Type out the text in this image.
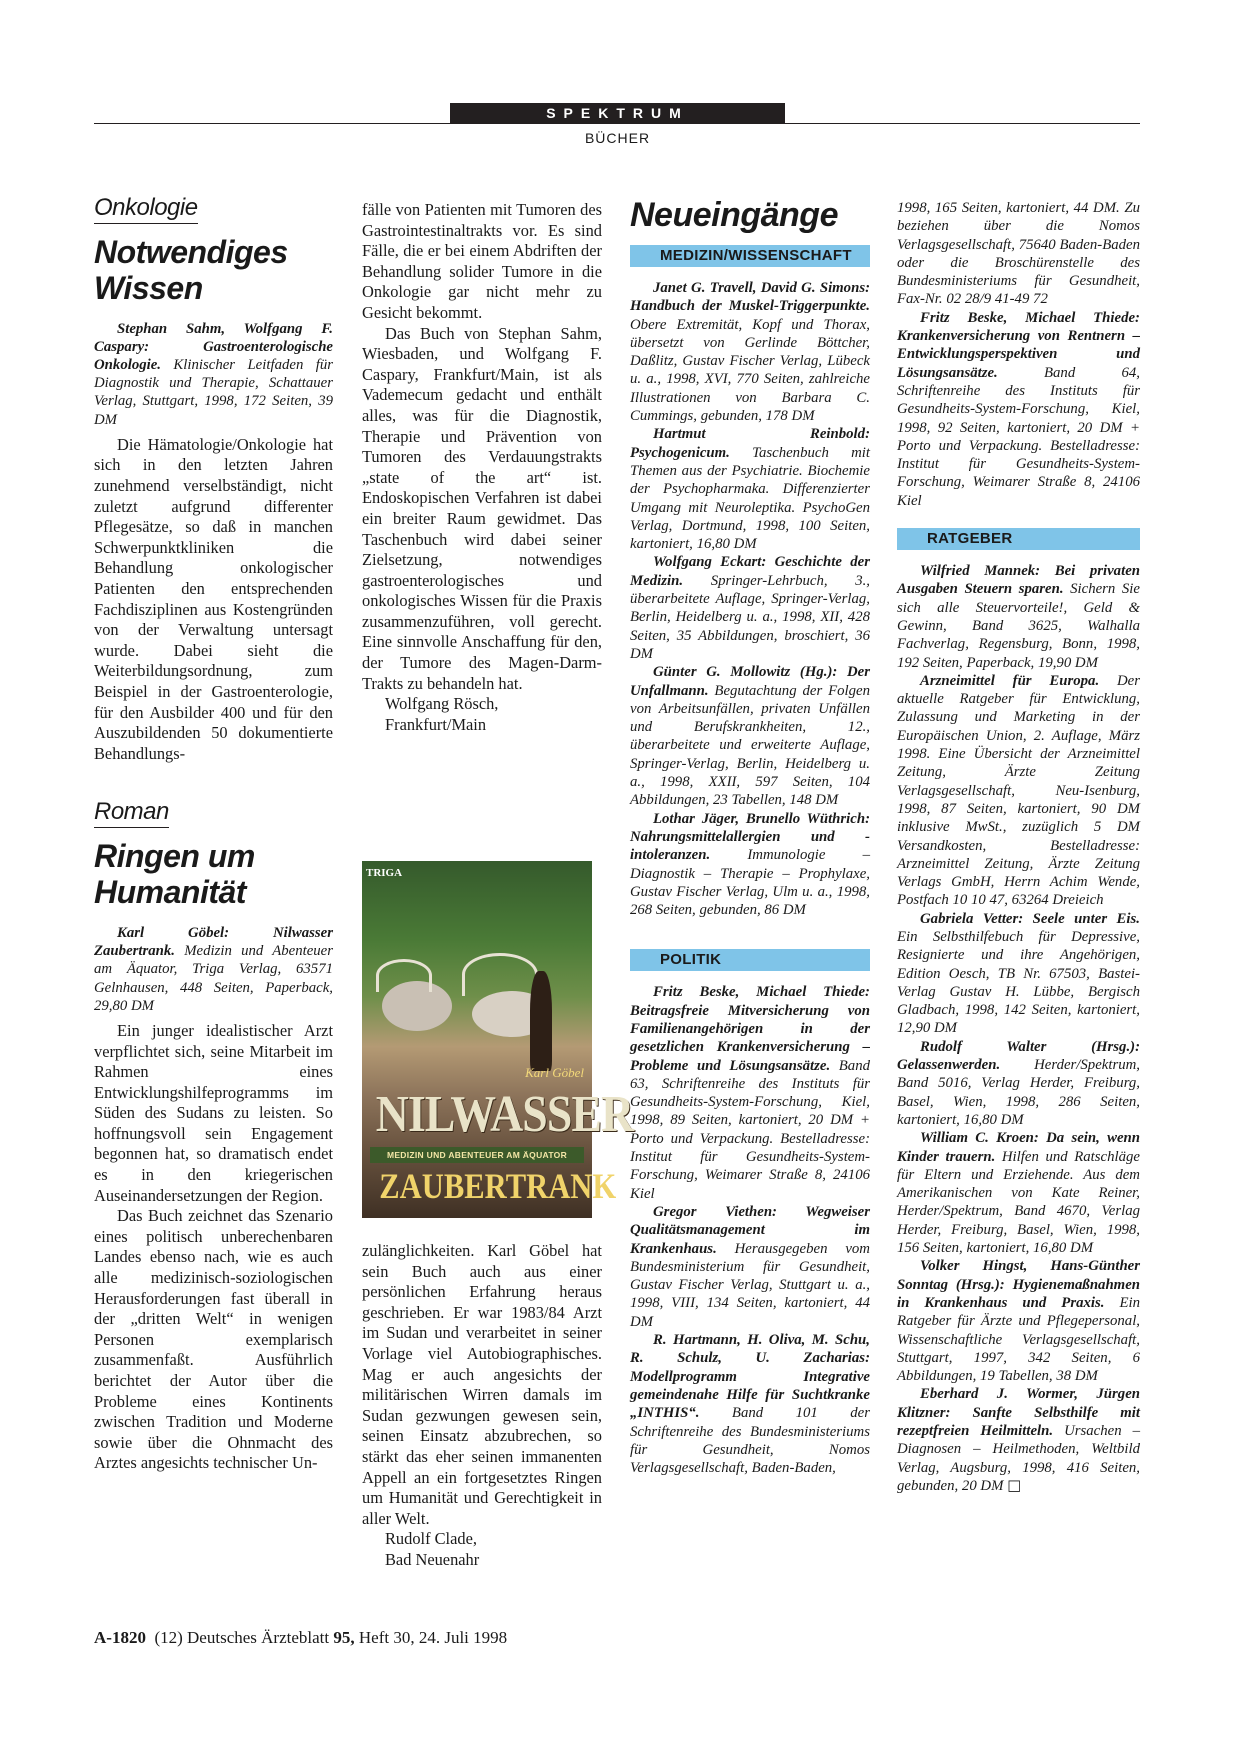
SPEKTRUM
BÜCHER
Onkologie
Notwendiges
Wissen
Stephan Sahm, Wolfgang F. Caspary: Gastroenterologische Onkologie. Klinischer Leitfaden für Diagnostik und Therapie, Schattauer Verlag, Stuttgart, 1998, 172 Seiten, 39 DM

Die Hämatologie/Onkologie hat sich in den letzten Jahren zunehmend verselbständigt, nicht zuletzt aufgrund differenter Pflegesätze, so daß in manchen Schwerpunktkliniken die Behandlung onkologischer Patienten den entsprechenden Fachdisziplinen aus Kostengründen von der Verwaltung untersagt wurde. Dabei sieht die Weiterbildungsordnung, zum Beispiel in der Gastroenterologie, für den Ausbilder 400 und für den Auszubildenden 50 dokumentierte Behandlungs-

Roman
Ringen um
Humanität
Karl Göbel: Nilwasser Zaubertrank. Medizin und Abenteuer am Äquator, Triga Verlag, 63571 Gelnhausen, 448 Seiten, Paperback, 29,80 DM

Ein junger idealistischer Arzt verpflichtet sich, seine Mitarbeit im Rahmen eines Entwicklungshilfeprogramms im Süden des Sudans zu leisten. So hoffnungsvoll sein Engagement begonnen hat, so dramatisch endet es in den kriegerischen Auseinandersetzungen der Region.

Das Buch zeichnet das Szenario eines politisch unberechenbaren Landes ebenso nach, wie es auch alle medizinisch-soziologischen Herausforderungen fast überall in der „dritten Welt“ in wenigen Personen exemplarisch zusammenfaßt. Ausführlich berichtet der Autor über die Probleme eines Kontinents zwischen Tradition und Moderne sowie über die Ohnmacht des Arztes angesichts technischer Un-

fälle von Patienten mit Tumoren des Gastrointestinaltrakts vor. Es sind Fälle, die er bei einem Abdriften der Behandlung solider Tumore in die Onkologie gar nicht mehr zu Gesicht bekommt.

Das Buch von Stephan Sahm, Wiesbaden, und Wolfgang F. Caspary, Frankfurt/Main, ist als Vademecum gedacht und enthält alles, was für die Diagnostik, Therapie und Prävention von Tumoren des Verdauungstrakts „state of the art“ ist. Endoskopischen Verfahren ist dabei ein breiter Raum gewidmet. Das Taschenbuch wird dabei seiner Zielsetzung, notwendiges gastroenterologisches und onkologisches Wissen für die Praxis zusammenzuführen, voll gerecht. Eine sinnvolle Anschaffung für den, der Tumore des Magen-Darm-Trakts zu behandeln hat.

Wolfgang Rösch,

Frankfurt/Main

TRIGA
Karl Göbel
NILWASSER
MEDIZIN UND ABENTEUER AM ÄQUATOR
ZAUBERTRANK

zulänglichkeiten. Karl Göbel hat sein Buch auch aus einer persönlichen Erfahrung heraus geschrieben. Er war 1983/84 Arzt im Sudan und verarbeitet in seiner Vorlage viel Autobiographisches. Mag er auch angesichts der militärischen Wirren damals im Sudan gezwungen gewesen sein, seinen Einsatz abzubrechen, so stärkt das eher seinen immanenten Appell an ein fortgesetztes Ringen um Humanität und Gerechtigkeit in aller Welt.

Rudolf Clade,

Bad Neuenahr

Neueingänge
MEDIZIN/WISSENSCHAFT

Janet G. Travell, David G. Simons: Handbuch der Muskel-Triggerpunkte. Obere Extremität, Kopf und Thorax, übersetzt von Gerlinde Böttcher, Daßlitz, Gustav Fischer Verlag, Lübeck u. a., 1998, XVI, 770 Seiten, zahlreiche Illustrationen von Barbara C. Cummings, gebunden, 178 DM

Hartmut Reinbold: Psychogenicum. Taschenbuch mit Themen aus der Psychiatrie. Biochemie der Psychopharmaka. Differenzierter Umgang mit Neuroleptika. PsychoGen Verlag, Dortmund, 1998, 100 Seiten, kartoniert, 16,80 DM

Wolfgang Eckart: Geschichte der Medizin. Springer-Lehrbuch, 3., überarbeitete Auflage, Springer-Verlag, Berlin, Heidelberg u. a., 1998, XII, 428 Seiten, 35 Abbildungen, broschiert, 36 DM

Günter G. Mollowitz (Hg.): Der Unfallmann. Begutachtung der Folgen von Arbeitsunfällen, privaten Unfällen und Berufskrankheiten, 12., überarbeitete und erweiterte Auflage, Springer-Verlag, Berlin, Heidelberg u. a., 1998, XXII, 597 Seiten, 104 Abbildungen, 23 Tabellen, 148 DM

Lothar Jäger, Brunello Wüthrich: Nahrungsmittelallergien und -intoleranzen. Immunologie – Diagnostik – Therapie – Prophylaxe, Gustav Fischer Verlag, Ulm u. a., 1998, 268 Seiten, gebunden, 86 DM

POLITIK

Fritz Beske, Michael Thiede: Beitragsfreie Mitversicherung von Familienangehörigen in der gesetzlichen Krankenversicherung – Probleme und Lösungsansätze. Band 63, Schriftenreihe des Instituts für Gesundheits-System-Forschung, Kiel, 1998, 89 Seiten, kartoniert, 20 DM + Porto und Verpackung. Bestelladresse: Institut für Gesundheits-System-Forschung, Weimarer Straße 8, 24106 Kiel

Gregor Viethen: Wegweiser Qualitätsmanagement im Krankenhaus. Herausgegeben vom Bundesministerium für Gesundheit, Gustav Fischer Verlag, Stuttgart u. a., 1998, VIII, 134 Seiten, kartoniert, 44 DM

R. Hartmann, H. Oliva, M. Schu, R. Schulz, U. Zacharias: Modellprogramm Integrative gemeindenahe Hilfe für Suchtkranke „INTHIS“. Band 101 der Schriftenreihe des Bundesministeriums für Gesundheit, Nomos Verlagsgesellschaft, Baden-Baden,

1998, 165 Seiten, kartoniert, 44 DM. Zu beziehen über die Nomos Verlagsgesellschaft, 75640 Baden-Baden oder die Broschürenstelle des Bundesministeriums für Gesundheit, Fax-Nr. 02 28/9 41-49 72

Fritz Beske, Michael Thiede: Krankenversicherung von Rentnern – Entwicklungsperspektiven und Lösungsansätze. Band 64, Schriftenreihe des Instituts für Gesundheits-System-Forschung, Kiel, 1998, 92 Seiten, kartoniert, 20 DM + Porto und Verpackung. Bestelladresse: Institut für Gesundheits-System-Forschung, Weimarer Straße 8, 24106 Kiel

RATGEBER

Wilfried Mannek: Bei privaten Ausgaben Steuern sparen. Sichern Sie sich alle Steuervorteile!, Geld & Gewinn, Band 3625, Walhalla Fachverlag, Regensburg, Bonn, 1998, 192 Seiten, Paperback, 19,90 DM

Arzneimittel für Europa. Der aktuelle Ratgeber für Entwicklung, Zulassung und Marketing in der Europäischen Union, 2. Auflage, März 1998. Eine Übersicht der Arzneimittel Zeitung, Ärzte Zeitung Verlagsgesellschaft, Neu-Isenburg, 1998, 87 Seiten, kartoniert, 90 DM inklusive MwSt., zuzüglich 5 DM Versandkosten, Bestelladresse: Arzneimittel Zeitung, Ärzte Zeitung Verlags GmbH, Herrn Achim Wende, Postfach 10 10 47, 63264 Dreieich

Gabriela Vetter: Seele unter Eis. Ein Selbsthilfebuch für Depressive, Resignierte und ihre Angehörigen, Edition Oesch, TB Nr. 67503, Bastei-Verlag Gustav H. Lübbe, Bergisch Gladbach, 1998, 142 Seiten, kartoniert, 12,90 DM

Rudolf Walter (Hrsg.): Gelassenwerden. Herder/Spektrum, Band 5016, Verlag Herder, Freiburg, Basel, Wien, 1998, 286 Seiten, kartoniert, 16,80 DM

William C. Kroen: Da sein, wenn Kinder trauern. Hilfen und Ratschläge für Eltern und Erziehende. Aus dem Amerikanischen von Kate Reiner, Herder/Spektrum, Band 4670, Verlag Herder, Freiburg, Basel, Wien, 1998, 156 Seiten, kartoniert, 16,80 DM

Volker Hingst, Hans-Günther Sonntag (Hrsg.): Hygienemaßnahmen in Krankenhaus und Praxis. Ein Ratgeber für Ärzte und Pflegepersonal, Wissenschaftliche Verlagsgesellschaft, Stuttgart, 1997, 342 Seiten, 6 Abbildungen, 19 Tabellen, 38 DM

Eberhard J. Wormer, Jürgen Klitzner: Sanfte Selbsthilfe mit rezeptfreien Heilmitteln. Ursachen – Diagnosen – Heilmethoden, Weltbild Verlag, Augsburg, 1998, 416 Seiten, gebunden, 20 DM □

A-1820 (12) Deutsches Ärzteblatt 95, Heft 30, 24. Juli 1998
